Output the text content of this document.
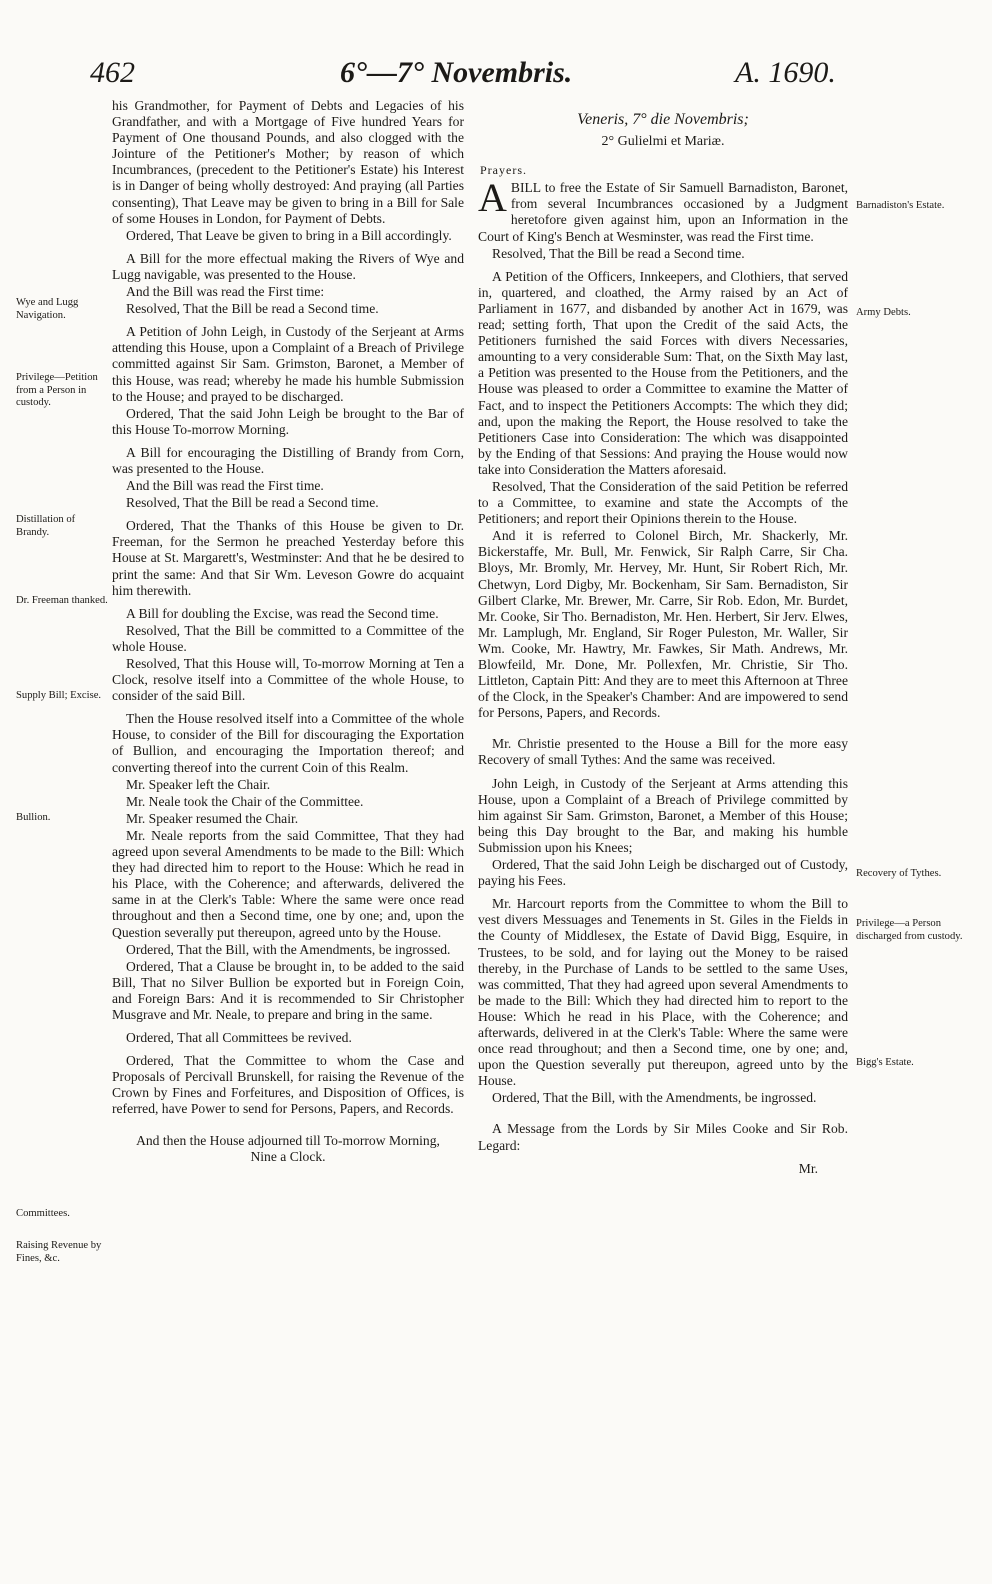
462	6°—7° Novembris.	A. 1690.
Wye and Lugg Navigation.
Privilege—Petition from a Person in custody.
Distillation of Brandy.
Dr. Freeman thanked.
Supply Bill; Excise.
Bullion.
Committees.
Raising Revenue by Fines, &c.
Barnadiston's Estate.
Army Debts.
Recovery of Tythes.
Privilege—a Person discharged from custody.
Bigg's Estate.

his Grandmother, for Payment of Debts and Legacies of his Grandfather, and with a Mortgage of Five hundred Years for Payment of One thousand Pounds, and also clogged with the Jointure of the Petitioner's Mother; by reason of which Incumbrances, (precedent to the Petitioner's Estate) his Interest is in Danger of being wholly destroyed: And praying (all Parties consenting), That Leave may be given to bring in a Bill for Sale of some Houses in London, for Payment of Debts.

Ordered, That Leave be given to bring in a Bill accordingly.

A Bill for the more effectual making the Rivers of Wye and Lugg navigable, was presented to the House.

And the Bill was read the First time:

Resolved, That the Bill be read a Second time.

A Petition of John Leigh, in Custody of the Serjeant at Arms attending this House, upon a Complaint of a Breach of Privilege committed against Sir Sam. Grimston, Baronet, a Member of this House, was read; whereby he made his humble Submission to the House; and prayed to be discharged.

Ordered, That the said John Leigh be brought to the Bar of this House To-morrow Morning.

A Bill for encouraging the Distilling of Brandy from Corn, was presented to the House.

And the Bill was read the First time.

Resolved, That the Bill be read a Second time.

Ordered, That the Thanks of this House be given to Dr. Freeman, for the Sermon he preached Yesterday before this House at St. Margarett's, Westminster: And that he be desired to print the same: And that Sir Wm. Leveson Gowre do acquaint him therewith.

A Bill for doubling the Excise, was read the Second time.

Resolved, That the Bill be committed to a Committee of the whole House.

Resolved, That this House will, To-morrow Morning at Ten a Clock, resolve itself into a Committee of the whole House, to consider of the said Bill.

Then the House resolved itself into a Committee of the whole House, to consider of the Bill for discouraging the Exportation of Bullion, and encouraging the Importation thereof; and converting thereof into the current Coin of this Realm.

Mr. Speaker left the Chair.

Mr. Neale took the Chair of the Committee.

Mr. Speaker resumed the Chair.

Mr. Neale reports from the said Committee, That they had agreed upon several Amendments to be made to the Bill: Which they had directed him to report to the House: Which he read in his Place, with the Coherence; and afterwards, delivered the same in at the Clerk's Table: Where the same were once read throughout and then a Second time, one by one; and, upon the Question severally put thereupon, agreed unto by the House.

Ordered, That the Bill, with the Amendments, be ingrossed.

Ordered, That a Clause be brought in, to be added to the said Bill, That no Silver Bullion be exported but in Foreign Coin, and Foreign Bars: And it is recommended to Sir Christopher Musgrave and Mr. Neale, to prepare and bring in the same.

Ordered, That all Committees be revived.

Ordered, That the Committee to whom the Case and Proposals of Percivall Brunskell, for raising the Revenue of the Crown by Fines and Forfeitures, and Disposition of Offices, is referred, have Power to send for Persons, Papers, and Records.

And then the House adjourned till To-morrow Morning, Nine a Clock.

Veneris, 7° die Novembris;
2° Gulielmi et Mariæ.
Prayers.

ABILL to free the Estate of Sir Samuell Barnadiston, Baronet, from several Incumbrances occasioned by a Judgment heretofore given against him, upon an Information in the Court of King's Bench at Wesminster, was read the First time.

Resolved, That the Bill be read a Second time.

A Petition of the Officers, Innkeepers, and Clothiers, that served in, quartered, and cloathed, the Army raised by an Act of Parliament in 1677, and disbanded by another Act in 1679, was read; setting forth, That upon the Credit of the said Acts, the Petitioners furnished the said Forces with divers Necessaries, amounting to a very considerable Sum: That, on the Sixth May last, a Petition was presented to the House from the Petitioners, and the House was pleased to order a Committee to examine the Matter of Fact, and to inspect the Petitioners Accompts: The which they did; and, upon the making the Report, the House resolved to take the Petitioners Case into Consideration: The which was disappointed by the Ending of that Sessions: And praying the House would now take into Consideration the Matters aforesaid.

Resolved, That the Consideration of the said Petition be referred to a Committee, to examine and state the Accompts of the Petitioners; and report their Opinions therein to the House.

And it is referred to Colonel Birch, Mr. Shackerly, Mr. Bickerstaffe, Mr. Bull, Mr. Fenwick, Sir Ralph Carre, Sir Cha. Bloys, Mr. Bromly, Mr. Hervey, Mr. Hunt, Sir Robert Rich, Mr. Chetwyn, Lord Digby, Mr. Bockenham, Sir Sam. Bernadiston, Sir Gilbert Clarke, Mr. Brewer, Mr. Carre, Sir Rob. Edon, Mr. Burdet, Mr. Cooke, Sir Tho. Bernadiston, Mr. Hen. Herbert, Sir Jerv. Elwes, Mr. Lamplugh, Mr. England, Sir Roger Puleston, Mr. Waller, Sir Wm. Cooke, Mr. Hawtry, Mr. Fawkes, Sir Math. Andrews, Mr. Blowfeild, Mr. Done, Mr. Pollexfen, Mr. Christie, Sir Tho. Littleton, Captain Pitt: And they are to meet this Afternoon at Three of the Clock, in the Speaker's Chamber: And are impowered to send for Persons, Papers, and Records.

Mr. Christie presented to the House a Bill for the more easy Recovery of small Tythes: And the same was received.

John Leigh, in Custody of the Serjeant at Arms attending this House, upon a Complaint of a Breach of Privilege committed by him against Sir Sam. Grimston, Baronet, a Member of this House; being this Day brought to the Bar, and making his humble Submission upon his Knees;

Ordered, That the said John Leigh be discharged out of Custody, paying his Fees.

Mr. Harcourt reports from the Committee to whom the Bill to vest divers Messuages and Tenements in St. Giles in the Fields in the County of Middlesex, the Estate of David Bigg, Esquire, in Trustees, to be sold, and for laying out the Money to be raised thereby, in the Purchase of Lands to be settled to the same Uses, was committed, That they had agreed upon several Amendments to be made to the Bill: Which they had directed him to report to the House: Which he read in his Place, with the Coherence; and afterwards, delivered in at the Clerk's Table: Where the same were once read throughout; and then a Second time, one by one; and, upon the Question severally put thereupon, agreed unto by the House.

Ordered, That the Bill, with the Amendments, be ingrossed.

A Message from the Lords by Sir Miles Cooke and Sir Rob. Legard:

Mr.
